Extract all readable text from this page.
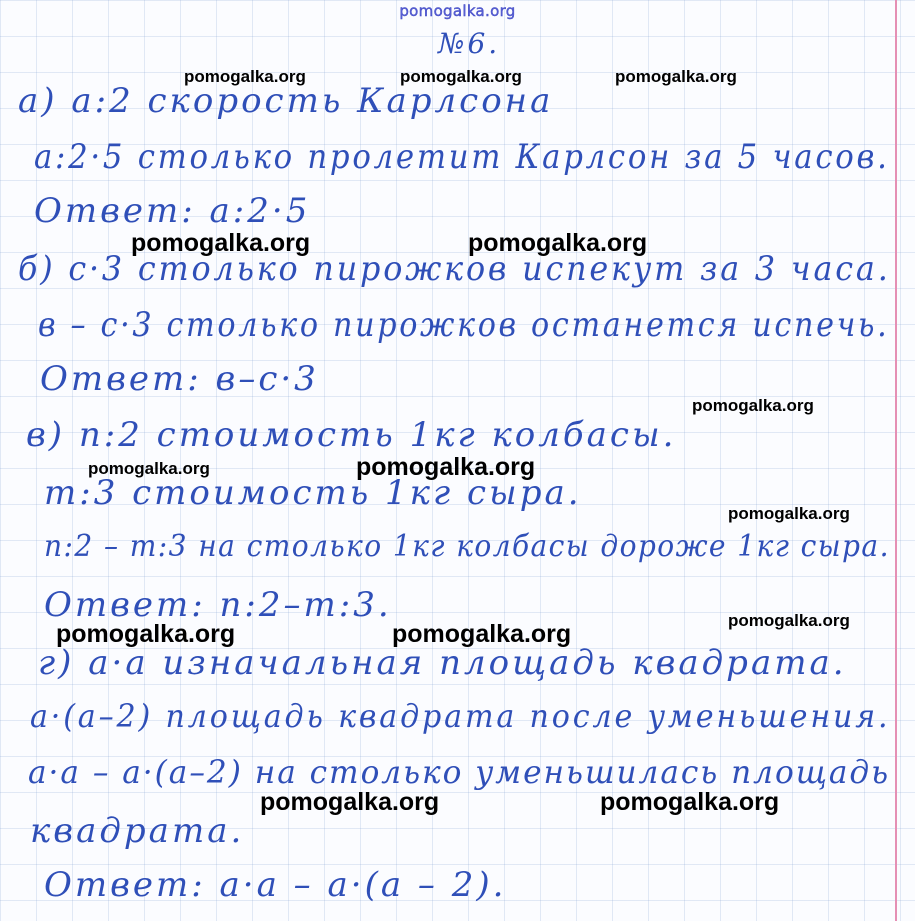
pomogalka.org
№6.
а) а:2 скорость Карлсона
а:2·5 столько пролетит Карлсон за 5 часов.
Ответ: а:2·5
б) с·3 столько пирожков испекут за 3 часа.
в – с·3 столько пирожков останется испечь.
Ответ: в–с·3
в) n:2 стоимость 1кг колбасы.
m:3 стоимость 1кг сыра.
n:2 – m:3 на столько 1кг колбасы дороже 1кг сыра.
Ответ: n:2–m:3.
г) а·а изначальная площадь квадрата.
а·(а–2) площадь квадрата после уменьшения.
а·а – а·(а–2) на столько уменьшилась площадь
квадрата.
Ответ: а·а – а·(а – 2).
pomogalka.org	pomogalka.org	pomogalka.org
pomogalka.org	pomogalka.org
pomogalka.org
pomogalka.org	pomogalka.org
pomogalka.org
pomogalka.org
pomogalka.org	pomogalka.org
pomogalka.org	pomogalka.org
